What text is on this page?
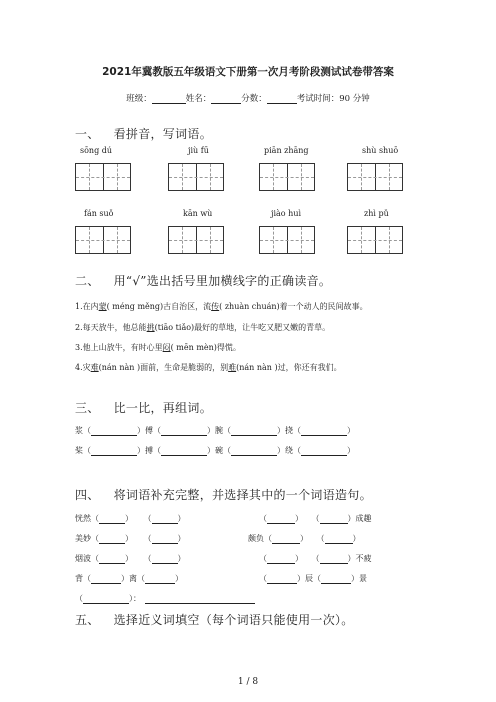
2021年冀教版五年级语文下册第一次月考阶段测试试卷带答案
班级：	姓名：	分数：	考试时间：90 分钟
一、 看拼音，写词语。
sōng dú	jiù fū	piān zhāng	shù shuō
fán suǒ	kān wù	jiào huì	zhì pǔ
二、 用“√”选出括号里加横线字的正确读音。
1.在内蒙( méng měng)古自治区，流传( zhuàn chuán)着一个动人的民间故事。
2.每天放牛，他总能挑(tiāo tiǎo)最好的草地，让牛吃又肥又嫩的青草。
3.他上山放牛，有时心里闷( mēn mèn)得慌。
4.灾难(nán nàn )面前，生命是脆弱的，别难(nán nàn )过，你还有我们。
三、 比一比，再组词。
浆（	）傅（	）腕（	）挠（	）
桨（	）搏（	）碗（	）绕（	）
四、 将词语补充完整，并选择其中的一个词语造句。
恍然（	） （	）	（	） （	）成趣
美妙（	） （	）	颇负（	） （	）
烟波（	） （	）	（	） （	）不疲
背（	）离（	）	（	）辰（	）景
（	）：
五、 选择近义词填空（每个词语只能使用一次）。
1 / 8
